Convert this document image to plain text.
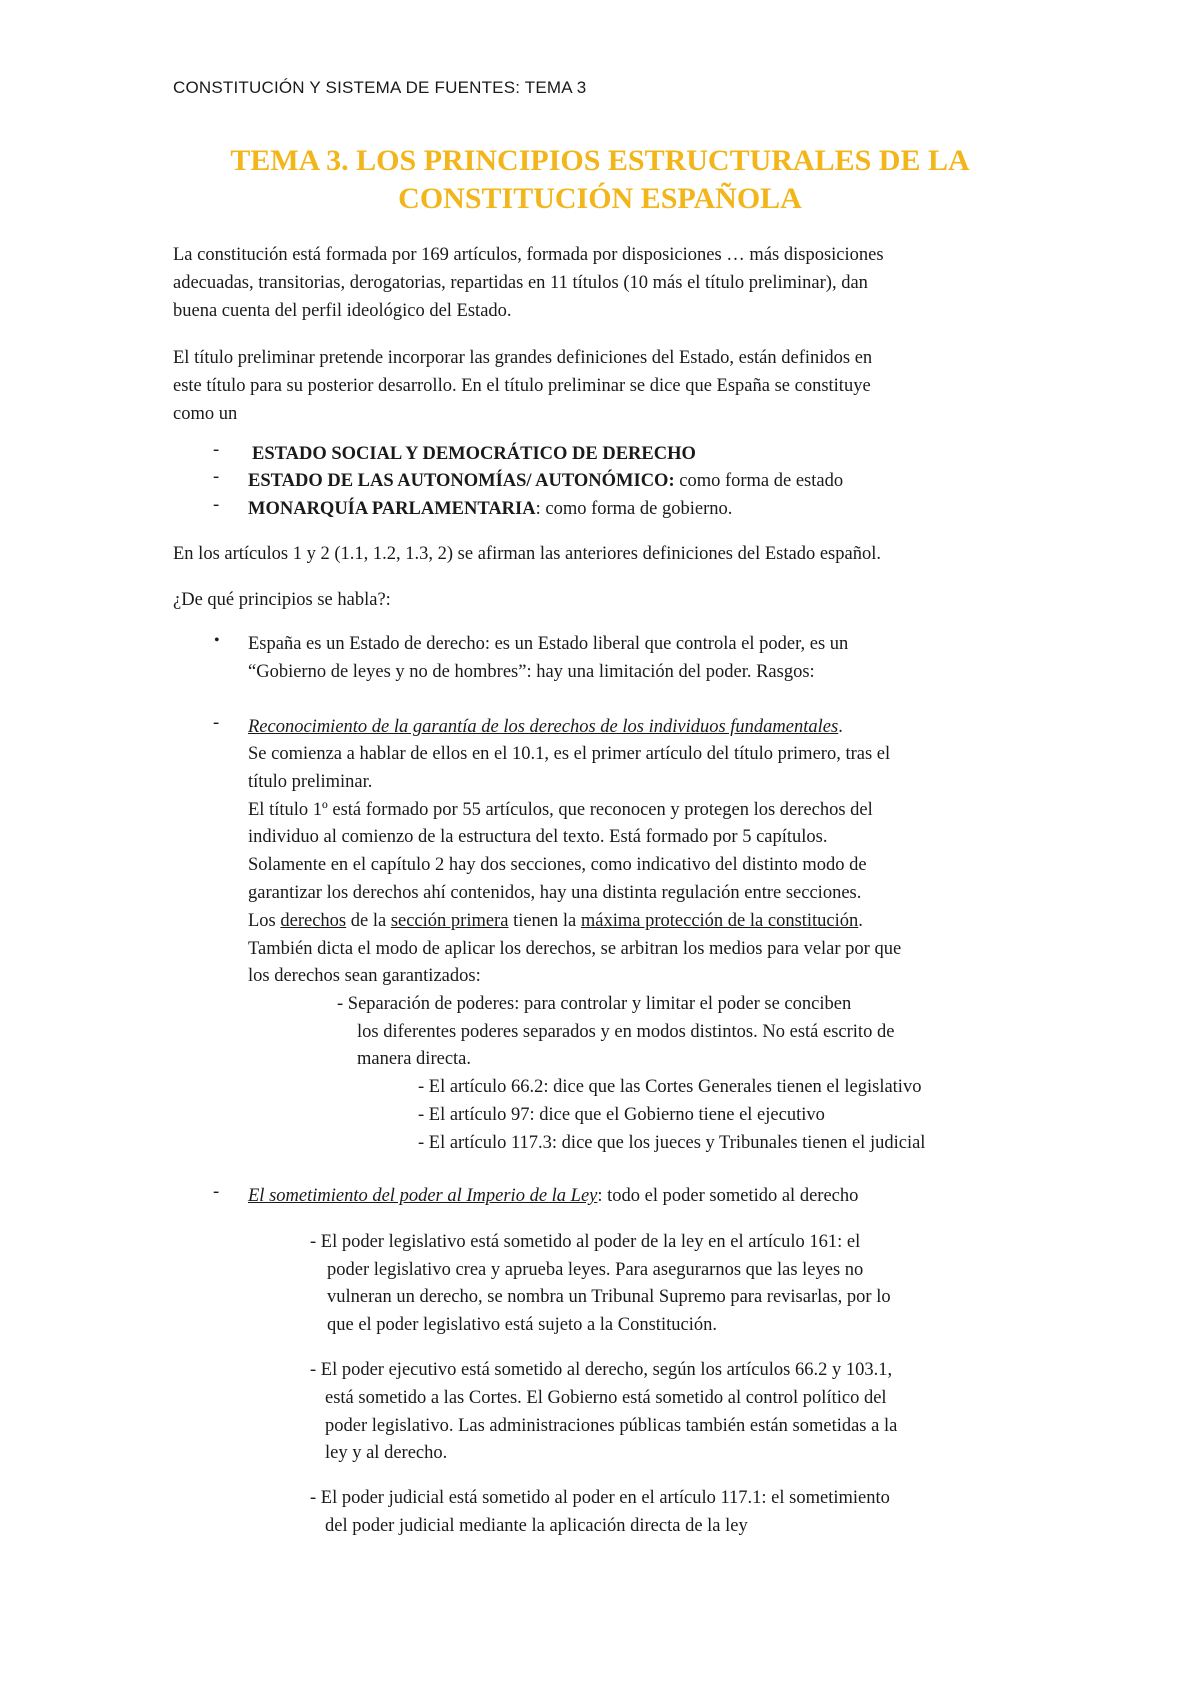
CONSTITUCIÓN Y SISTEMA DE FUENTES: TEMA 3
TEMA 3. LOS PRINCIPIOS ESTRUCTURALES DE LA
CONSTITUCIÓN ESPAÑOLA
La constitución está formada por 169 artículos, formada por disposiciones … más disposiciones
adecuadas, transitorias, derogatorias, repartidas en 11 títulos (10 más el título preliminar), dan
buena cuenta del perfil ideológico del Estado.
El título preliminar pretende incorporar las grandes definiciones del Estado, están definidos en
este título para su posterior desarrollo. En el título preliminar se dice que España se constituye
como un
- ESTADO SOCIAL Y DEMOCRÁTICO DE DERECHO
- ESTADO DE LAS AUTONOMÍAS/ AUTONÓMICO: como forma de estado
- MONARQUÍA PARLAMENTARIA: como forma de gobierno.
En los artículos 1 y 2 (1.1, 1.2, 1.3, 2) se afirman las anteriores definiciones del Estado español.
¿De qué principios se habla?:
• España es un Estado de derecho: es un Estado liberal que controla el poder, es un
“Gobierno de leyes y no de hombres”: hay una limitación del poder. Rasgos:
- Reconocimiento de la garantía de los derechos de los individuos fundamentales.
Se comienza a hablar de ellos en el 10.1, es el primer artículo del título primero, tras el
título preliminar.
El título 1º está formado por 55 artículos, que reconocen y protegen los derechos del
individuo al comienzo de la estructura del texto. Está formado por 5 capítulos.
Solamente en el capítulo 2 hay dos secciones, como indicativo del distinto modo de
garantizar los derechos ahí contenidos, hay una distinta regulación entre secciones.
Los derechos de la sección primera tienen la máxima protección de la constitución.
También dicta el modo de aplicar los derechos, se arbitran los medios para velar por que
los derechos sean garantizados:
- Separación de poderes: para controlar y limitar el poder se conciben
los diferentes poderes separados y en modos distintos. No está escrito de
manera directa.
- El artículo 66.2: dice que las Cortes Generales tienen el legislativo
- El artículo 97: dice que el Gobierno tiene el ejecutivo
- El artículo 117.3: dice que los jueces y Tribunales tienen el judicial
- El sometimiento del poder al Imperio de la Ley: todo el poder sometido al derecho
- El poder legislativo está sometido al poder de la ley en el artículo 161: el
poder legislativo crea y aprueba leyes. Para asegurarnos que las leyes no
vulneran un derecho, se nombra un Tribunal Supremo para revisarlas, por lo
que el poder legislativo está sujeto a la Constitución.
- El poder ejecutivo está sometido al derecho, según los artículos 66.2 y 103.1,
está sometido a las Cortes. El Gobierno está sometido al control político del
poder legislativo. Las administraciones públicas también están sometidas a la
ley y al derecho.
- El poder judicial está sometido al poder en el artículo 117.1: el sometimiento
del poder judicial mediante la aplicación directa de la ley
